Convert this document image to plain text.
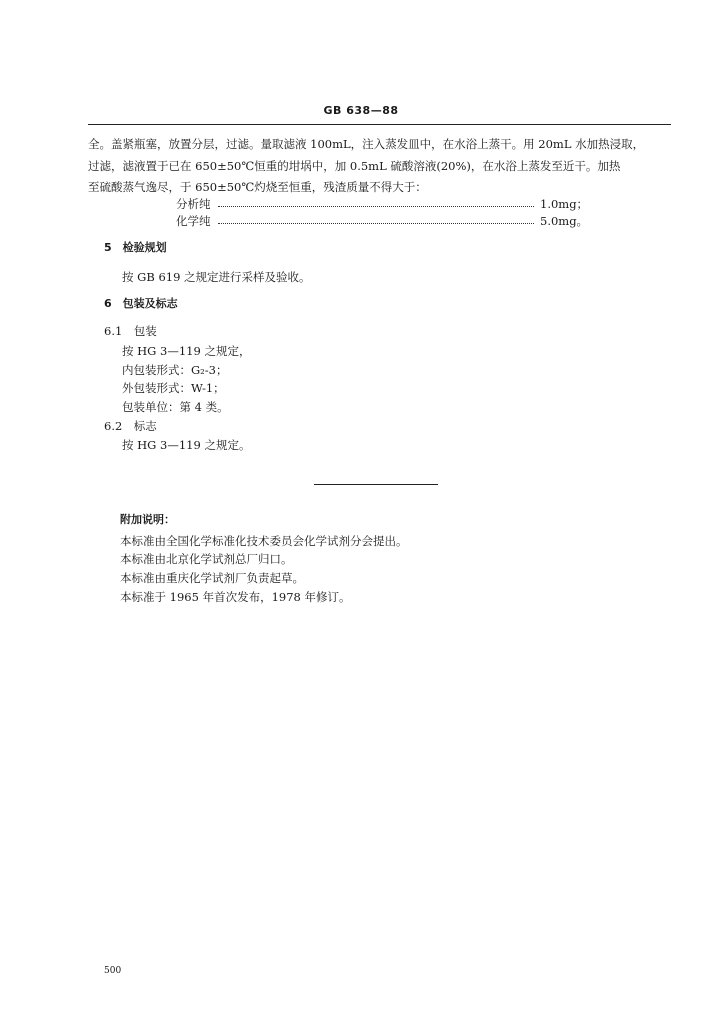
GB 638—88
全。盖紧瓶塞，放置分层，过滤。量取滤液 100mL，注入蒸发皿中，在水浴上蒸干。用 20mL 水加热浸取，
过滤，滤液置于已在 650±50℃恒重的坩埚中，加 0.5mL 硫酸溶液(20%)，在水浴上蒸发至近干。加热
至硫酸蒸气逸尽，于 650±50℃灼烧至恒重，残渣质量不得大于：
分析纯	1.0mg；
化学纯	5.0mg。
5　检验规划
按 GB 619 之规定进行采样及验收。
6　包装及标志
6.1　包装
按 HG 3—119 之规定，
内包装形式：G₂-3；
外包装形式：W-1；
包装单位：第 4 类。
6.2　标志
按 HG 3—119 之规定。
附加说明：
本标准由全国化学标准化技术委员会化学试剂分会提出。
本标准由北京化学试剂总厂归口。
本标准由重庆化学试剂厂负责起草。
本标准于 1965 年首次发布，1978 年修订。
500
